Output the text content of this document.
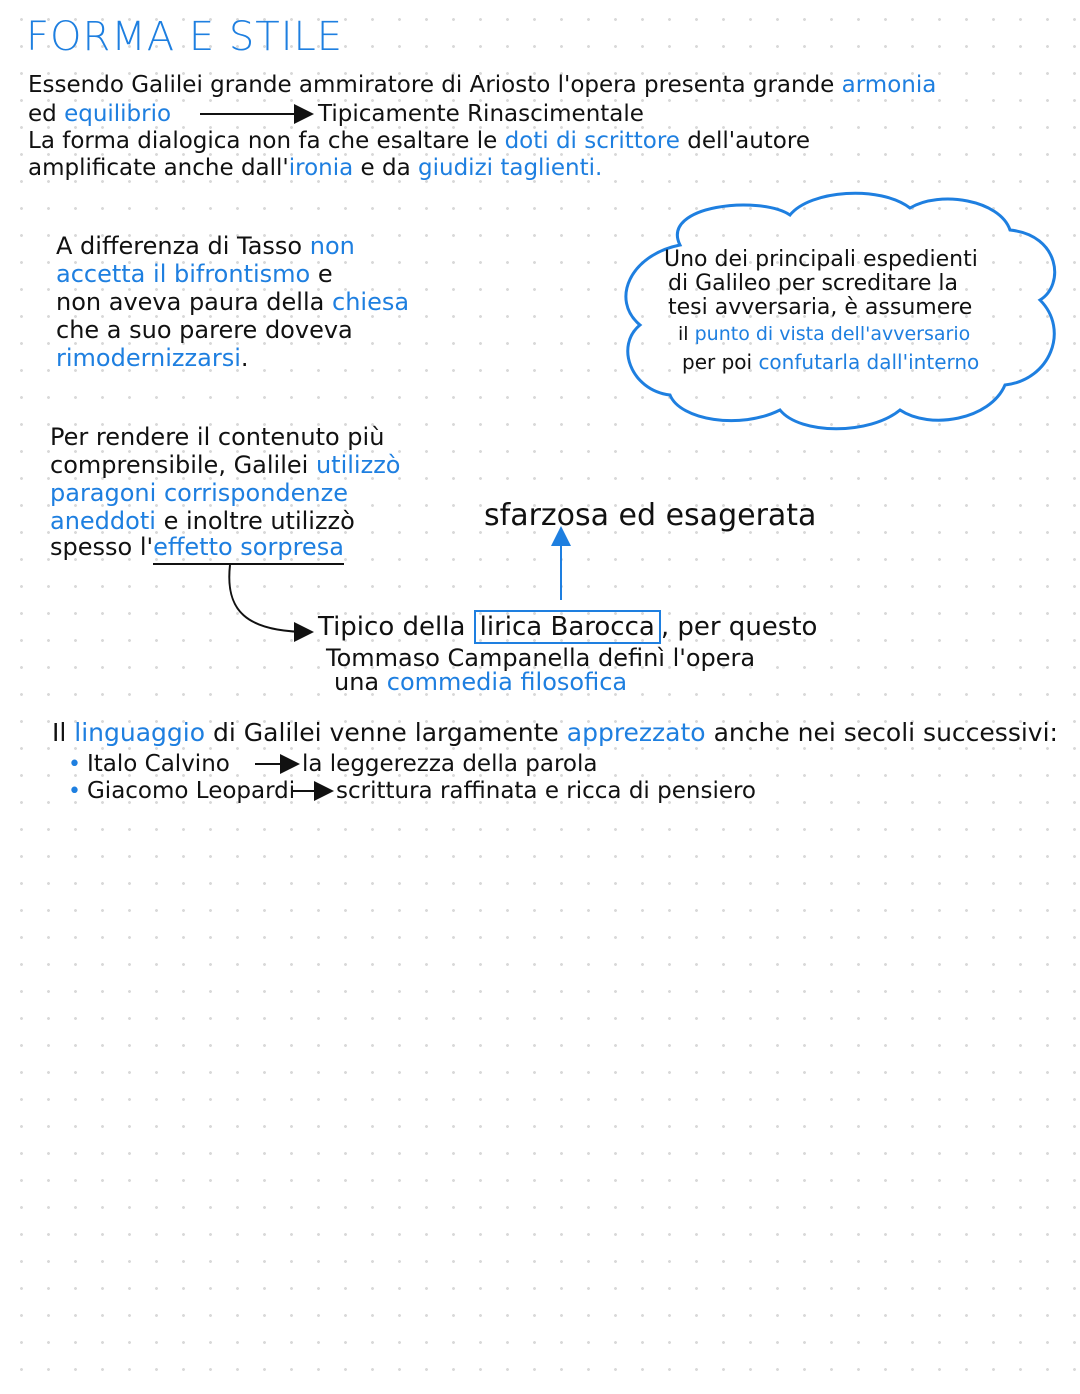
FORMA E STILE
Essendo Galilei grande ammiratore di Ariosto l'opera presenta grande armonia
ed equilibrio	Tipicamente Rinascimentale
La forma dialogica non fa che esaltare le doti di scrittore dell'autore
amplificate anche dall'ironia e da giudizi taglienti.
A differenza di Tasso non
accetta il bifrontismo e
non aveva paura della chiesa
che a suo parere doveva
rimodernizzarsi.
Uno dei principali espedienti
di Galileo per screditare la
tesi avversaria, è assumere
il punto di vista dell'avversario
per poi confutarla dall'interno
Per rendere il contenuto più
comprensibile, Galilei utilizzò
paragoni corrispondenze
aneddoti e inoltre utilizzò
spesso l'effetto sorpresa
sfarzosa ed esagerata
Tipico della lirica Barocca , per questo
Tommaso Campanella definì l'opera
una commedia filosofica
Il linguaggio di Galilei venne largamente apprezzato anche nei secoli successivi:
• Italo Calvino	la leggerezza della parola
• Giacomo Leopardi scrittura raffinata e ricca di pensiero
